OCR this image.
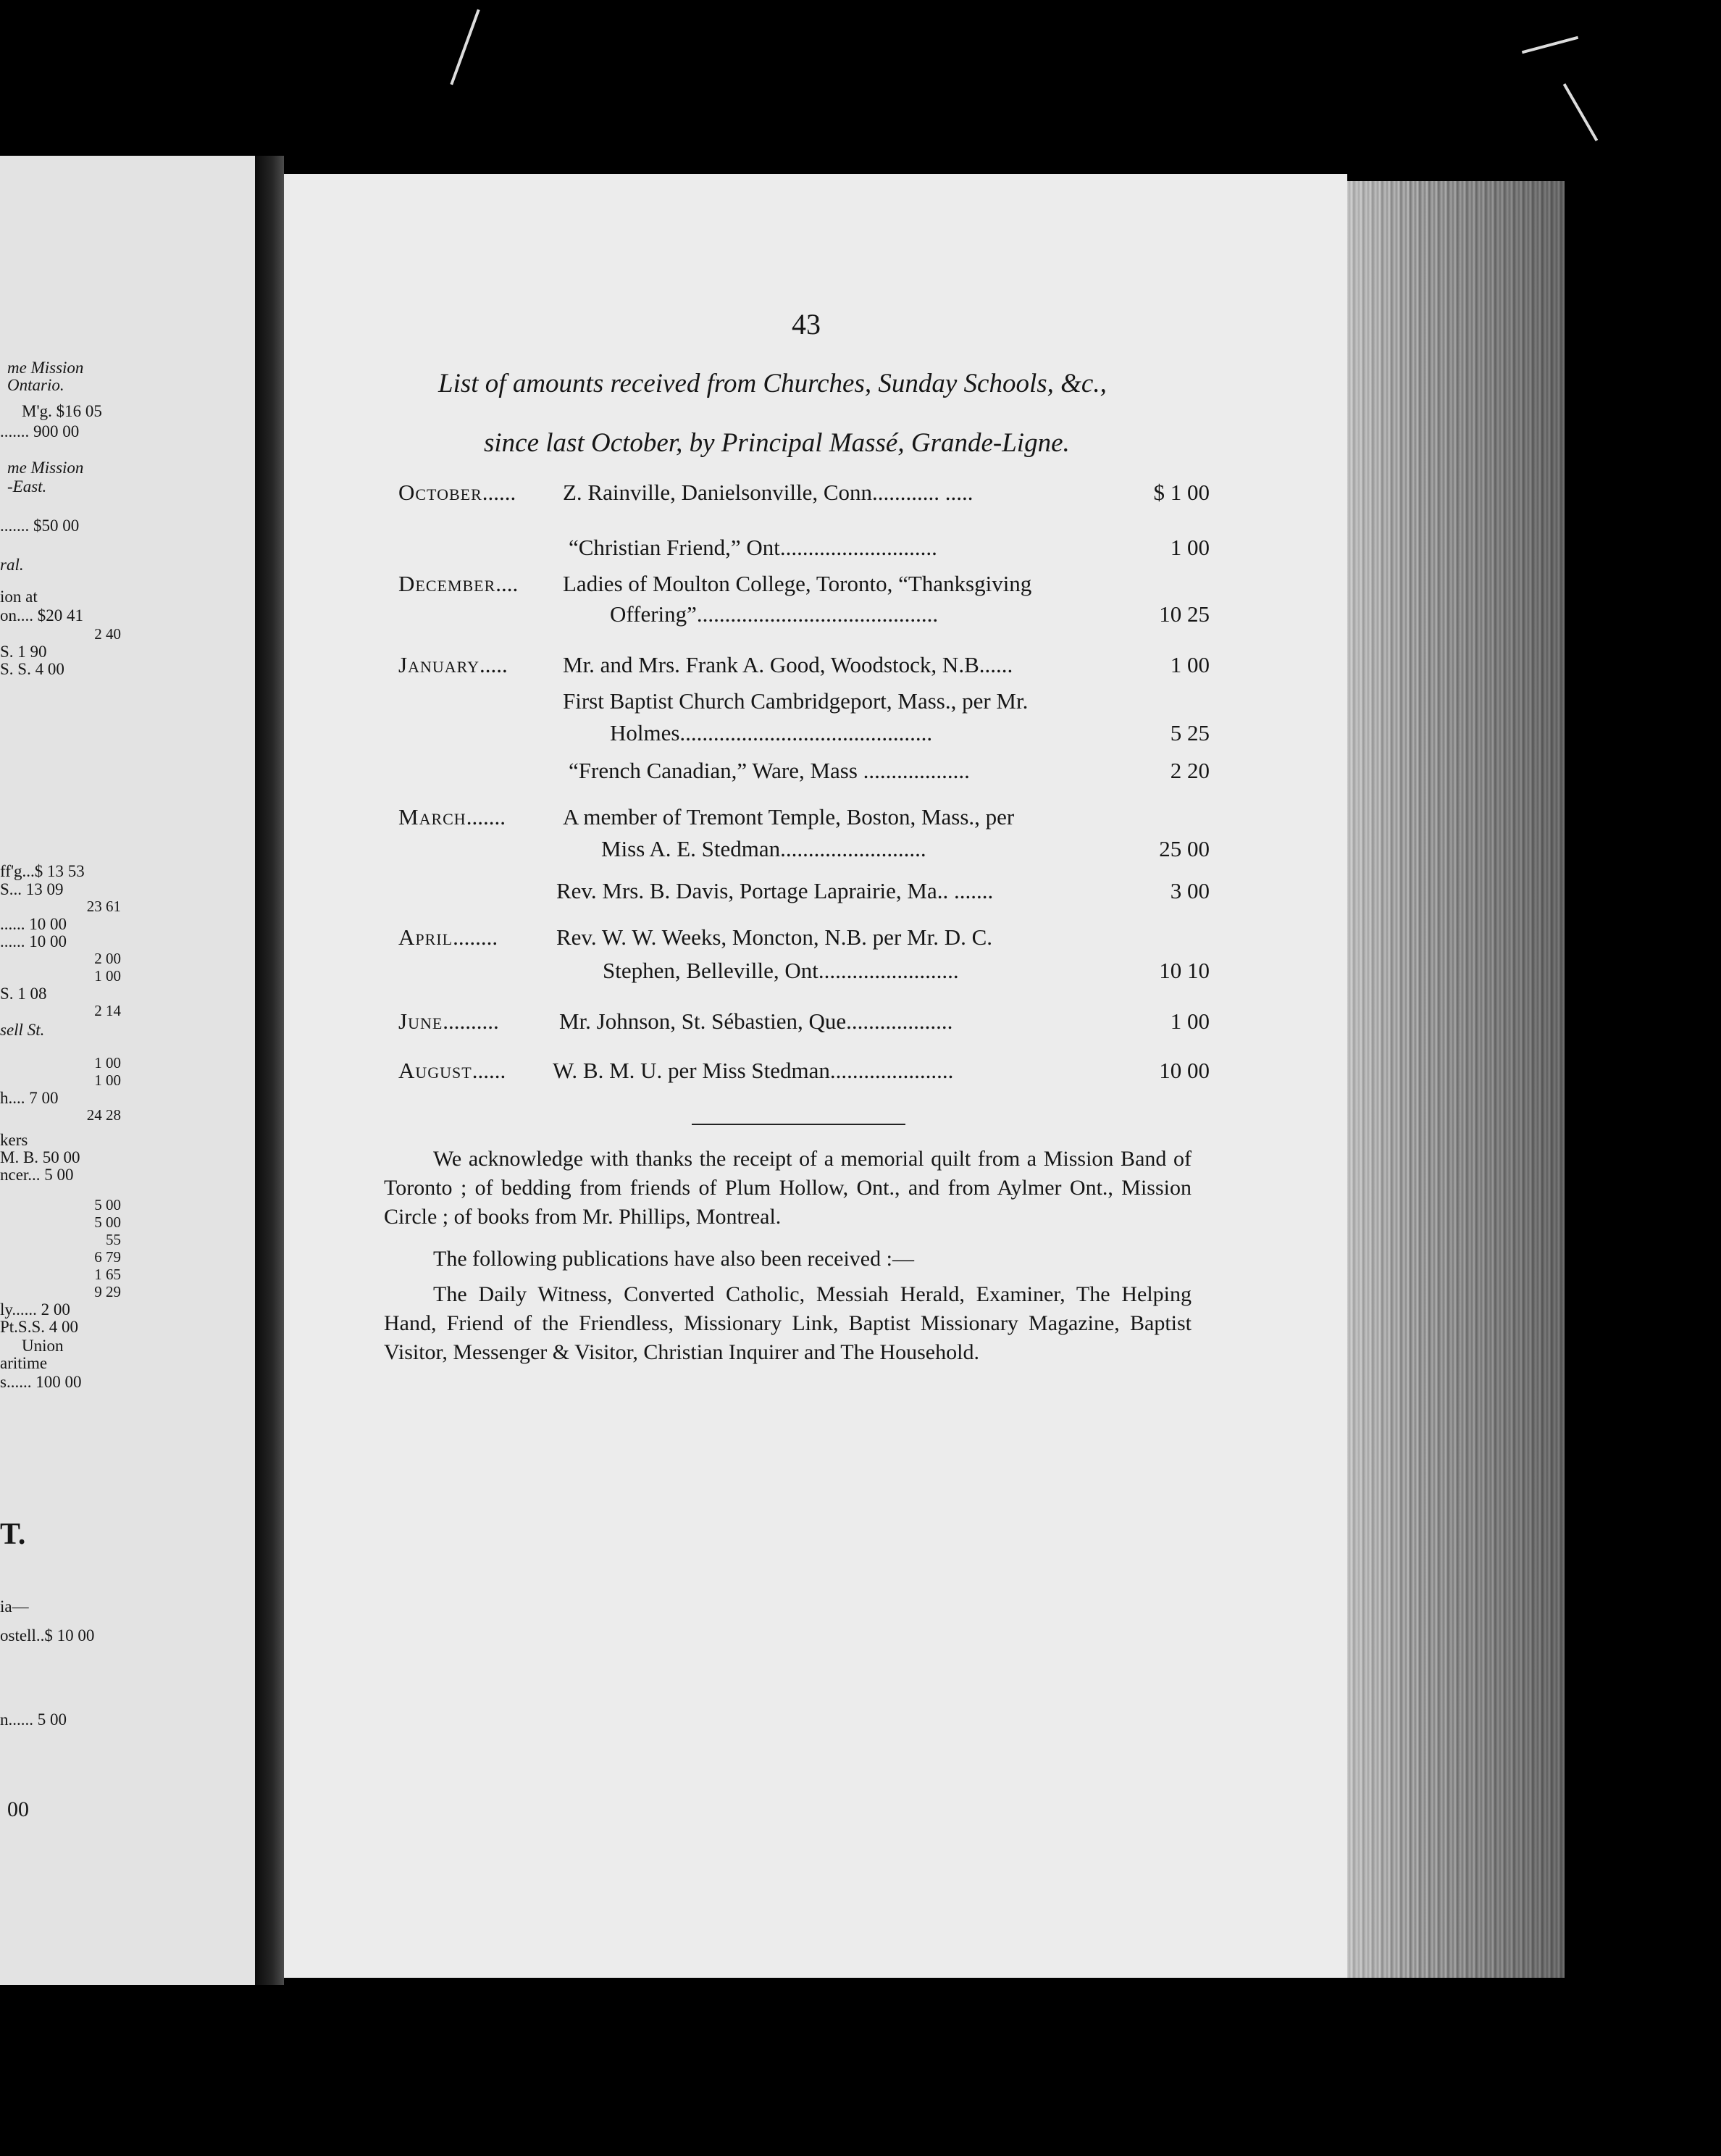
me Mission
Ontario.
M'g. $16 05
....... 900 00
me Mission
-East.
....... $50 00
ral.
ion at
on.... $20 41
2 40
S. 1 90
S. S. 4 00
ff'g...$ 13 53
S... 13 09
23 61
...... 10 00
...... 10 00
2 00
1 00
S. 1 08
2 14
sell St.
1 00
1 00
h.... 7 00
24 28
kers
M. B. 50 00
ncer... 5 00
5 00
5 00
55
6 79
1 65
9 29
ly...... 2 00
Pt.S.S. 4 00
Union
aritime
s...... 100 00
T.
ia—
ostell..$ 10 00
n...... 5 00
00
43
List of amounts received from Churches, Sunday Schools, &c.,
since last October, by Principal Massé, Grande-Ligne.
October...... Z. Rainville, Danielsonville, Conn............ .....	$ 1 00
“Christian Friend,” Ont............................	1 00
December.... Ladies of Moulton College, Toronto, “Thanksgiving
Offering”...........................................	10 25
January..... Mr. and Mrs. Frank A. Good, Woodstock, N.B......	1 00
First Baptist Church Cambridgeport, Mass., per Mr.
Holmes.............................................	5 25
“French Canadian,” Ware, Mass ...................	2 20
March.......	A member of Tremont Temple, Boston, Mass., per
Miss A. E. Stedman..........................	25 00
Rev. Mrs. B. Davis, Portage Laprairie, Ma.. .......	3 00
April........	Rev. W. W. Weeks, Moncton, N.B. per Mr. D. C.
Stephen, Belleville, Ont.........................	10 10
June..........	Mr. Johnson, St. Sébastien, Que...................	1 00
August...... W. B. M. U. per Miss Stedman......................	10 00
We acknowledge with thanks the receipt of a memorial quilt from a Mission Band of Toronto ; of bedding from friends of Plum Hollow, Ont., and from Aylmer Ont., Mission Circle ; of books from Mr. Phillips, Montreal.
The following publications have also been received :—
The Daily Witness, Converted Catholic, Messiah Herald, Examiner, The Helping Hand, Friend of the Friendless, Missionary Link, Baptist Missionary Magazine, Baptist Visitor, Messenger & Visitor, Christian Inquirer and The Household.
